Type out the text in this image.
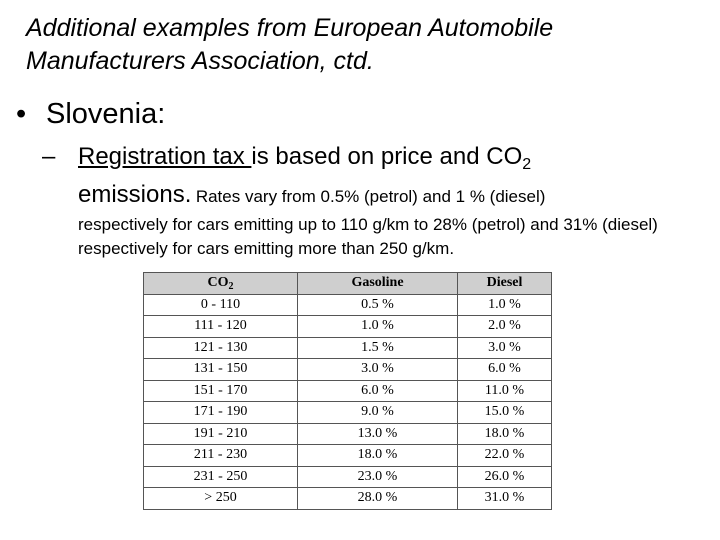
Additional examples from European Automobile Manufacturers Association, ctd.
• Slovenia:
– Registration tax is based on price and $CO_2$
emissions. Rates vary from 0.5% (petrol) and 1 % (diesel)
respectively for cars emitting up to 110 g/km to 28% (petrol) and 31% (diesel) respectively for cars emitting more than 250 g/km.
$CO_2$	Gasoline	Diesel
0 - 110	0.5 %	1.0 %
111 - 120	1.0 %	2.0 %
121 - 130	1.5 %	3.0 %
131 - 150	3.0 %	6.0 %
151 - 170	6.0 %	11.0 %
171 - 190	9.0 %	15.0 %
191 - 210	13.0 %	18.0 %
211 - 230	18.0 %	22.0 %
231 - 250	23.0 %	26.0 %
> 250	28.0 %	31.0 %
